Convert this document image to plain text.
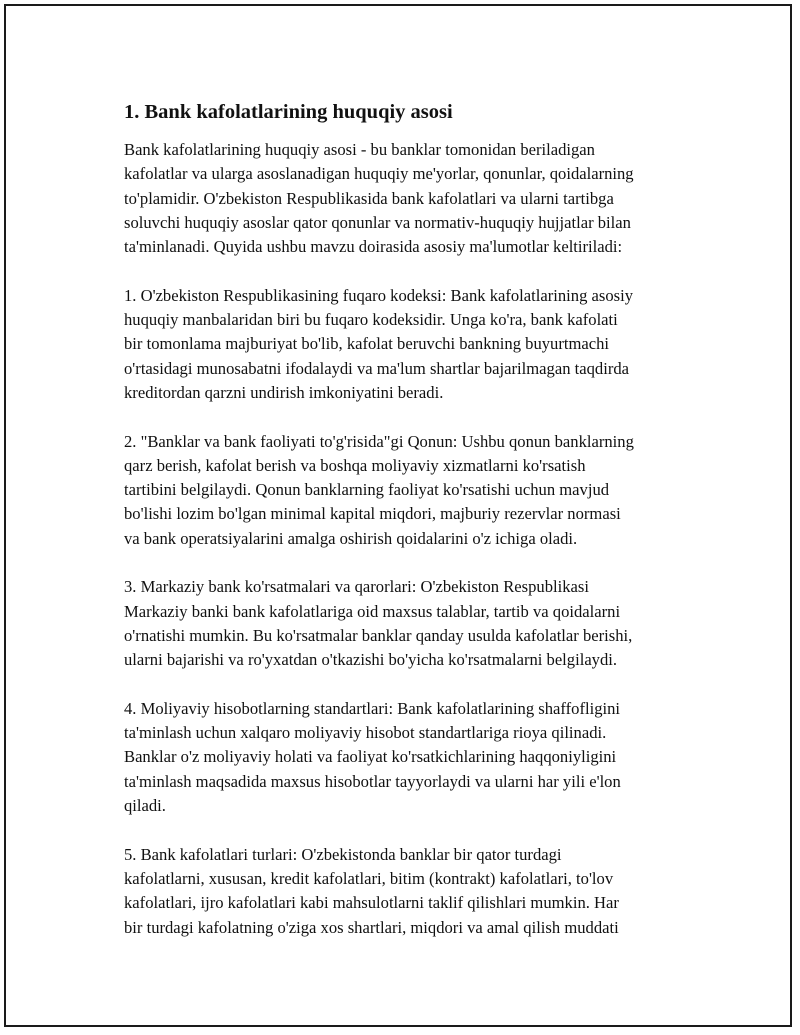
1. Bank kafolatlarining huquqiy asosi

Bank kafolatlarining huquqiy asosi - bu banklar tomonidan beriladigan
kafolatlar va ularga asoslanadigan huquqiy me'yorlar, qonunlar, qoidalarning
to'plamidir. O'zbekiston Respublikasida bank kafolatlari va ularni tartibga
soluvchi huquqiy asoslar qator qonunlar va normativ-huquqiy hujjatlar bilan
ta'minlanadi. Quyida ushbu mavzu doirasida asosiy ma'lumotlar keltiriladi:

1. O'zbekiston Respublikasining fuqaro kodeksi: Bank kafolatlarining asosiy
huquqiy manbalaridan biri bu fuqaro kodeksidir. Unga ko'ra, bank kafolati
bir tomonlama majburiyat bo'lib, kafolat beruvchi bankning buyurtmachi
o'rtasidagi munosabatni ifodalaydi va ma'lum shartlar bajarilmagan taqdirda
kreditordan qarzni undirish imkoniyatini beradi.

2. "Banklar va bank faoliyati to'g'risida"gi Qonun: Ushbu qonun banklarning
qarz berish, kafolat berish va boshqa moliyaviy xizmatlarni ko'rsatish
tartibini belgilaydi. Qonun banklarning faoliyat ko'rsatishi uchun mavjud
bo'lishi lozim bo'lgan minimal kapital miqdori, majburiy rezervlar normasi
va bank operatsiyalarini amalga oshirish qoidalarini o'z ichiga oladi.

3. Markaziy bank ko'rsatmalari va qarorlari: O'zbekiston Respublikasi
Markaziy banki bank kafolatlariga oid maxsus talablar, tartib va qoidalarni
o'rnatishi mumkin. Bu ko'rsatmalar banklar qanday usulda kafolatlar berishi,
ularni bajarishi va ro'yxatdan o'tkazishi bo'yicha ko'rsatmalarni belgilaydi.

4. Moliyaviy hisobotlarning standartlari: Bank kafolatlarining shaffofligini
ta'minlash uchun xalqaro moliyaviy hisobot standartlariga rioya qilinadi.
Banklar o'z moliyaviy holati va faoliyat ko'rsatkichlarining haqqoniyligini
ta'minlash maqsadida maxsus hisobotlar tayyorlaydi va ularni har yili e'lon
qiladi.

5. Bank kafolatlari turlari: O'zbekistonda banklar bir qator turdagi
kafolatlarni, xususan, kredit kafolatlari, bitim (kontrakt) kafolatlari, to'lov
kafolatlari, ijro kafolatlari kabi mahsulotlarni taklif qilishlari mumkin. Har
bir turdagi kafolatning o'ziga xos shartlari, miqdori va amal qilish muddati
